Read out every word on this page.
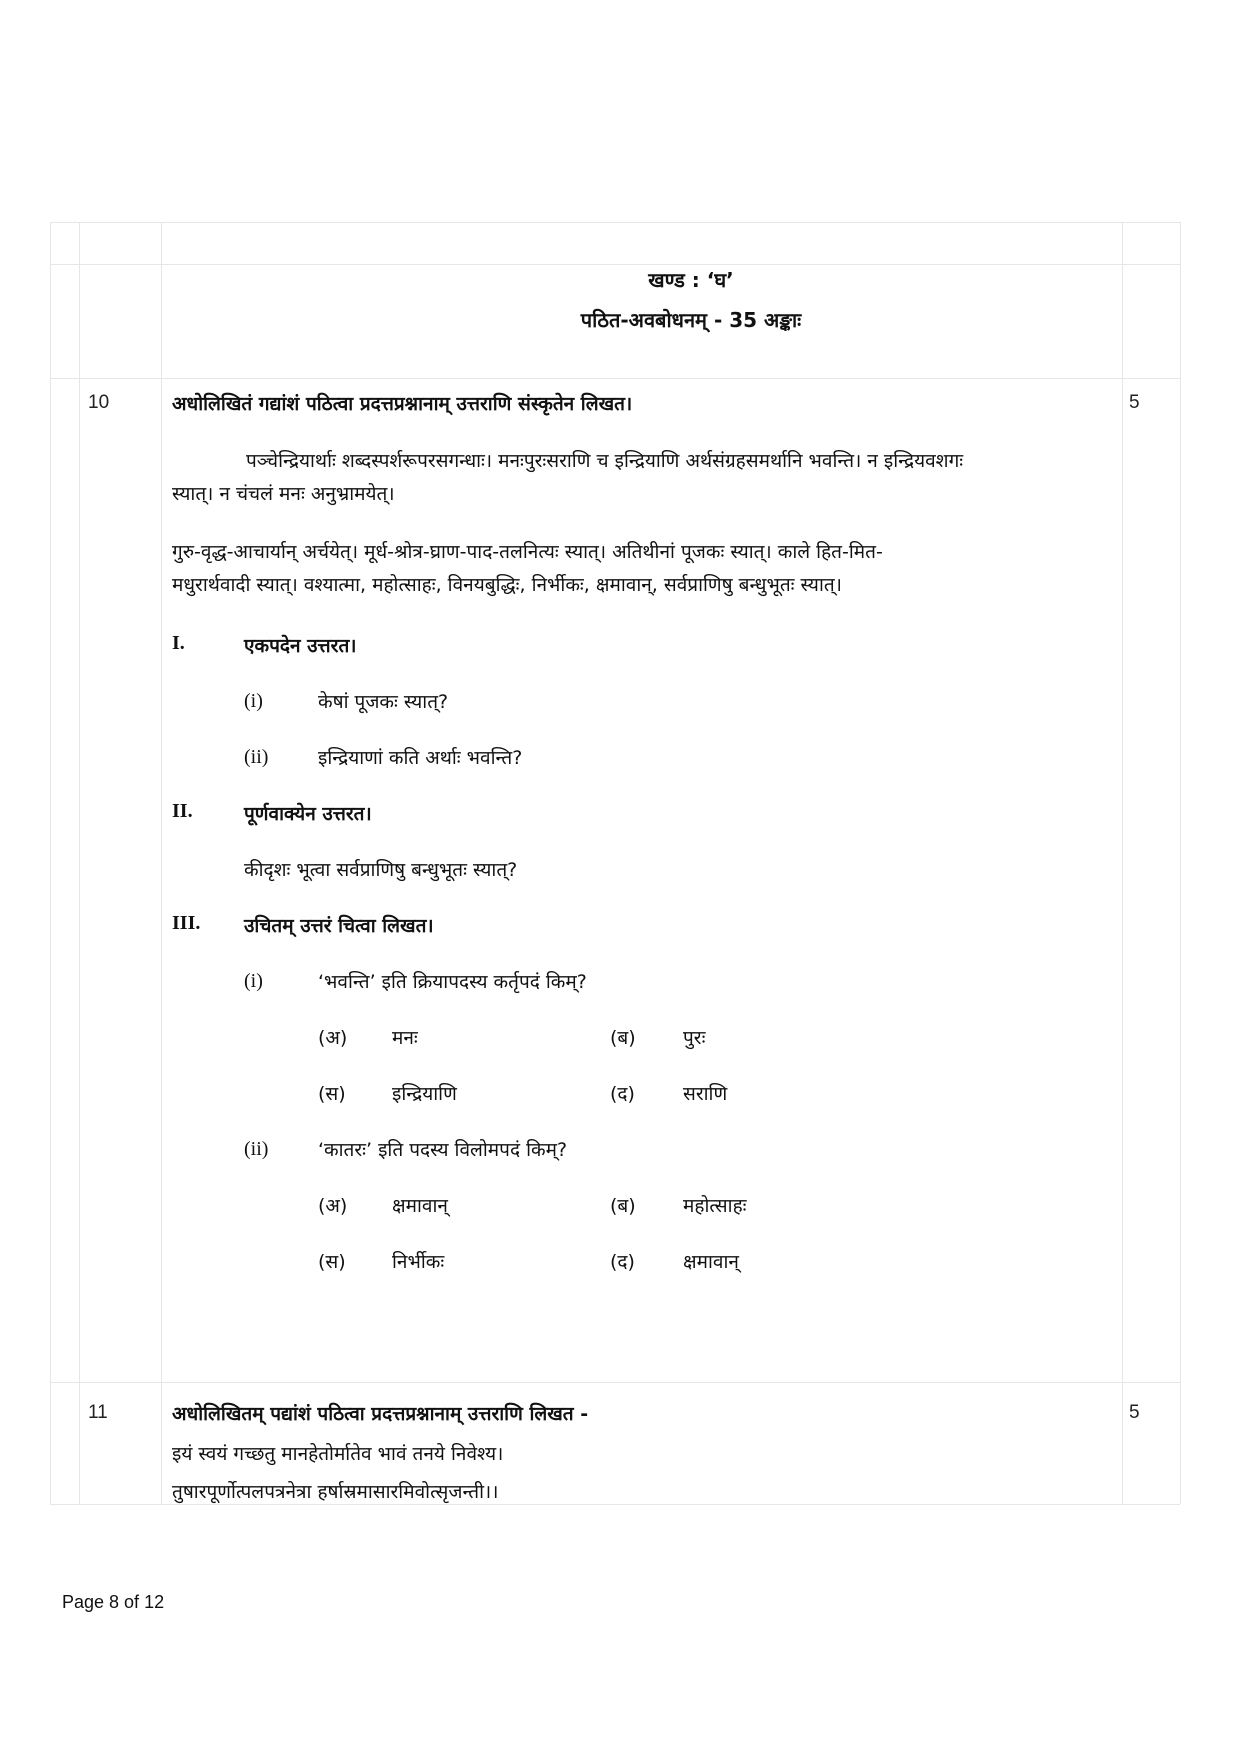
खण्ड : ‘घ’
पठित-अवबोधनम् - 35 अङ्काः
10	5
अधोलिखितं गद्यांशं पठित्वा प्रदत्तप्रश्नानाम् उत्तराणि संस्कृतेन लिखत।
पञ्चेन्द्रियार्थाः शब्दस्पर्शरूपरसगन्धाः। मनःपुरःसराणि च इन्द्रियाणि अर्थसंग्रहसमर्थानि भवन्ति। न इन्द्रियवशगः
स्यात्। न चंचलं मनः अनुभ्रामयेत्।
गुरु-वृद्ध-आचार्यान् अर्चयेत्। मूर्ध-श्रोत्र-घ्राण-पाद-तलनित्यः स्यात्। अतिथीनां पूजकः स्यात्। काले हित-मित-
मधुरार्थवादी स्यात्। वश्यात्मा, महोत्साहः, विनयबुद्धिः, निर्भीकः, क्षमावान्, सर्वप्राणिषु बन्धुभूतः स्यात्।
I.	एकपदेन उत्तरत।
(i)	केषां पूजकः स्यात्?
(ii)	इन्द्रियाणां कति अर्थाः भवन्ति?
II.	पूर्णवाक्येन उत्तरत।
कीदृशः भूत्वा सर्वप्राणिषु बन्धुभूतः स्यात्?
III. उचितम् उत्तरं चित्वा लिखत।
(i)	‘भवन्ति’ इति क्रियापदस्य कर्तृपदं किम्?
(अ) मनः	(ब) पुरः
(स) इन्द्रियाणि	(द)	सराणि
(ii)	‘कातरः’ इति पदस्य विलोमपदं किम्?
(अ) क्षमावान्	(ब) महोत्साहः
(स) निर्भीकः	(द)	क्षमावान्
11	5
अधोलिखितम् पद्यांशं पठित्वा प्रदत्तप्रश्नानाम् उत्तराणि लिखत -
इयं स्वयं गच्छतु मानहेतोर्मातेव भावं तनये निवेश्य।
तुषारपूर्णोत्पलपत्रनेत्रा हर्षास्रमासारमिवोत्सृजन्ती।।
Page 8 of 12
